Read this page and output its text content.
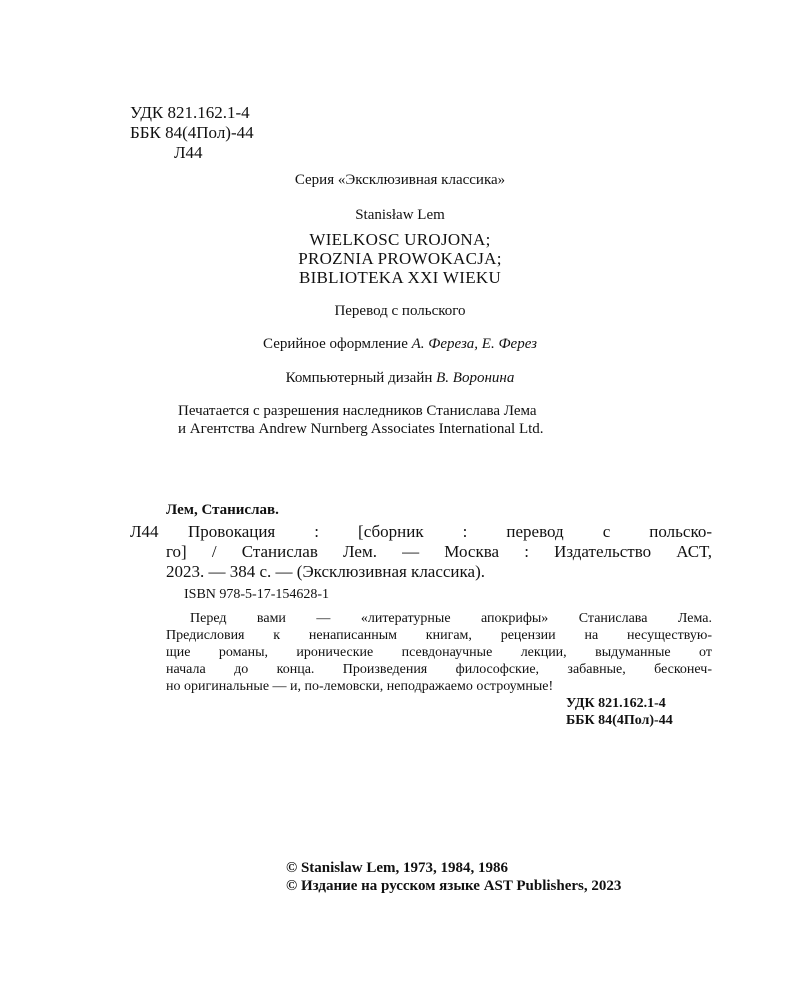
УДК 821.162.1-4
ББК 84(4Пол)-44
Л44
Серия «Эксклюзивная классика»
Stanisław Lem
WIELKOSC UROJONA;
PROZNIA PROWOKACJA;
BIBLIOTEKA XXI WIEKU
Перевод с польского
Серийное оформление А. Фереза, Е. Ферез
Компьютерный дизайн В. Воронина
Печатается с разрешения наследников Станислава Лема
и Агентства Andrew Nurnberg Associates International Ltd.
Лем, Станислав.
Л44 Провокация : [сборник : перевод с польско-
го] / Станислав Лем. — Москва : Издательство АСТ,
2023. — 384 с. — (Эксклюзивная классика).
ISBN 978-5-17-154628-1
Перед вами — «литературные апокрифы» Станислава Лема.
Предисловия к ненаписанным книгам, рецензии на несуществую-
щие романы, иронические псевдонаучные лекции, выдуманные от
начала до конца. Произведения философские, забавные, бесконеч-
но оригинальные — и, по-лемовски, неподражаемо остроумные!
УДК 821.162.1-4
ББК 84(4Пол)-44
© Stanislaw Lem, 1973, 1984, 1986
© Издание на русском языке AST Publishers, 2023
